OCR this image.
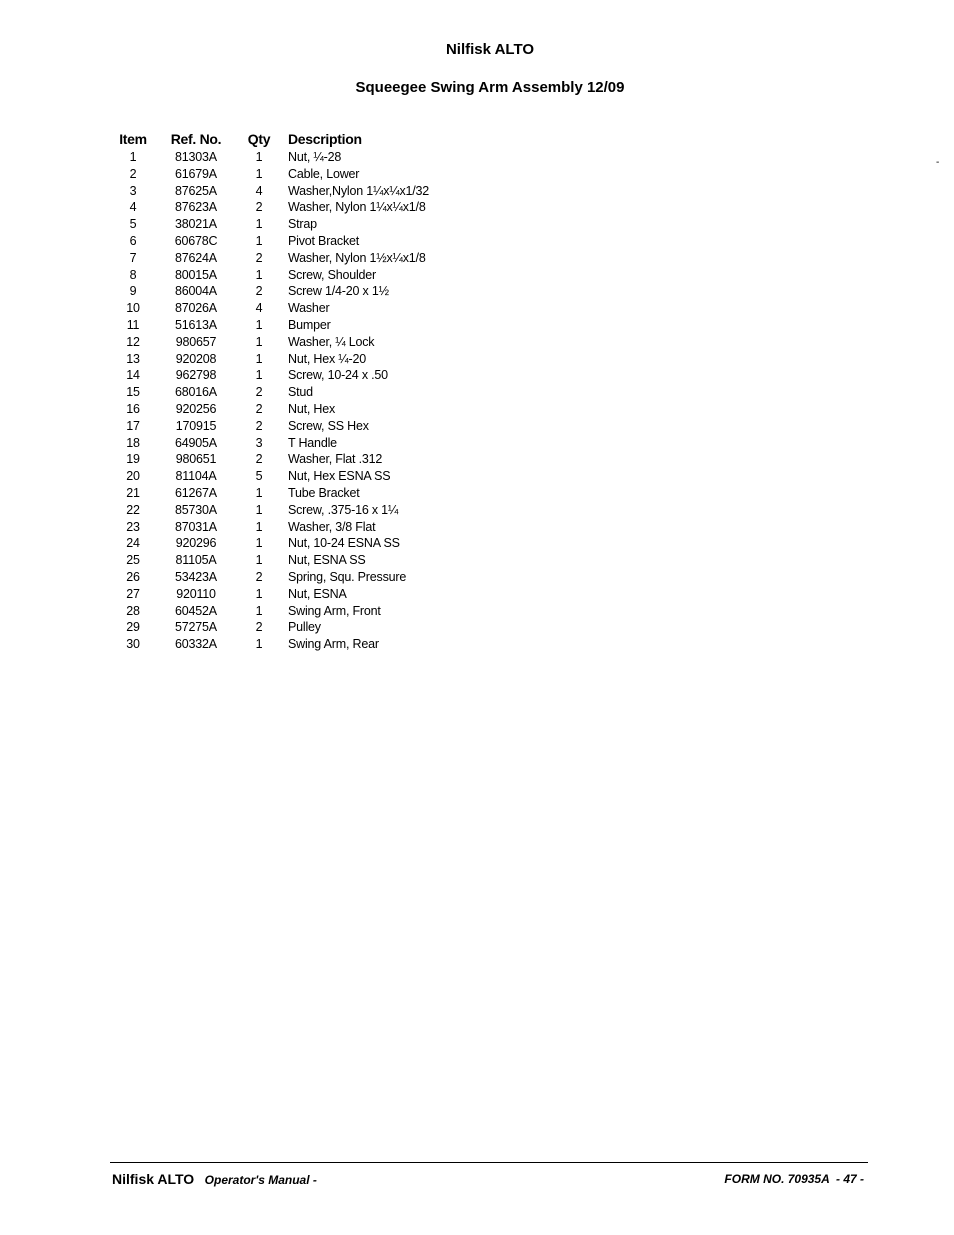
Nilfisk ALTO
Squeegee Swing Arm Assembly 12/09
-
Item	Ref. No.	Qty	Description
1	81303A	1	Nut, ¼-28
2	61679A	1	Cable, Lower
3	87625A	4	Washer,Nylon 1¼x¼x1/32
4	87623A	2	Washer, Nylon 1¼x¼x1/8
5	38021A	1	Strap
6	60678C	1	Pivot Bracket
7	87624A	2	Washer, Nylon 1½x¼x1/8
8	80015A	1	Screw, Shoulder
9	86004A	2	Screw 1/4-20 x 1½
10	87026A	4	Washer
11	51613A	1	Bumper
12	980657	1	Washer, ¼ Lock
13	920208	1	Nut, Hex ¼-20
14	962798	1	Screw, 10-24 x .50
15	68016A	2	Stud
16	920256	2	Nut, Hex
17	170915	2	Screw, SS Hex
18	64905A	3	T Handle
19	980651	2	Washer, Flat .312
20	81104A	5	Nut, Hex ESNA SS
21	61267A	1	Tube Bracket
22	85730A	1	Screw, .375-16 x 1¼
23	87031A	1	Washer, 3/8 Flat
24	920296	1	Nut, 10-24 ESNA SS
25	81105A	1	Nut, ESNA SS
26	53423A	2	Spring, Squ. Pressure
27	920110	1	Nut, ESNA
28	60452A	1	Swing Arm, Front
29	57275A	2	Pulley
30	60332A	1	Swing Arm, Rear
Nilfisk ALTO Operator's Manual -	FORM NO. 70935A  - 47 -
